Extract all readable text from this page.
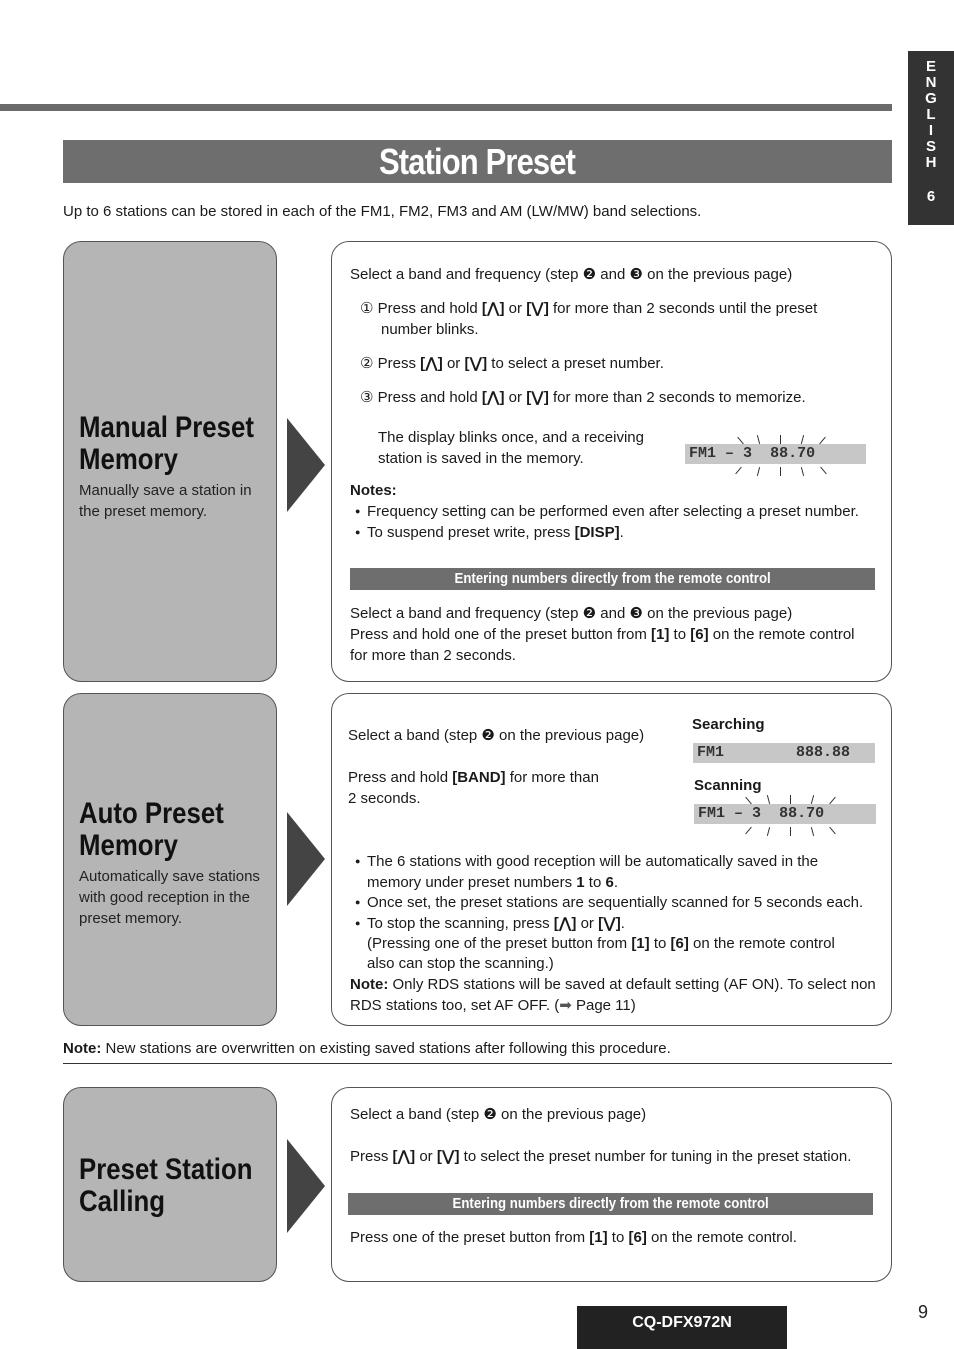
E
N
G
L
I
S
H
6
Station Preset
Up to 6 stations can be stored in each of the FM1, FM2, FM3 and AM (LW/MW) band selections.
Manual Preset
Memory
Manually save a station in the preset memory.
Select a band and frequency (step ❷ and ❸ on the previous page)
① Press and hold [⋀] or [⋁] for more than 2 seconds until the preset
number blinks.
② Press [⋀] or [⋁] to select a preset number.
③ Press and hold [⋀] or [⋁] for more than 2 seconds to memorize.
The display blinks once, and a receiving
station is saved in the memory.	FM1 – 3 88.70
Notes:
● Frequency setting can be performed even after selecting a preset number.
● To suspend preset write, press [DISP].
Entering numbers directly from the remote control
Select a band and frequency (step ❷ and ❸ on the previous page)
Press and hold one of the preset button from [1] to [6] on the remote control
for more than 2 seconds.
Auto Preset
Memory
Automatically save stations with good reception in the preset memory.
Select a band (step ❷ on the previous page)
Press and hold [BAND] for more than
2 seconds.
Searching
FM1	888.88
Scanning
FM1 – 3 88.70
● The 6 stations with good reception will be automatically saved in the
memory under preset numbers 1 to 6.
● Once set, the preset stations are sequentially scanned for 5 seconds each.
● To stop the scanning, press [⋀] or [⋁].
(Pressing one of the preset button from [1] to [6] on the remote control
also can stop the scanning.)
Note: Only RDS stations will be saved at default setting (AF ON). To select non
RDS stations too, set AF OFF. (➡ Page 11)
Note: New stations are overwritten on existing saved stations after following this procedure.
Preset Station
Calling
Select a band (step ❷ on the previous page)
Press [⋀] or [⋁] to select the preset number for tuning in the preset station.
Entering numbers directly from the remote control
Press one of the preset button from [1] to [6] on the remote control.
CQ-DFX972N
9
